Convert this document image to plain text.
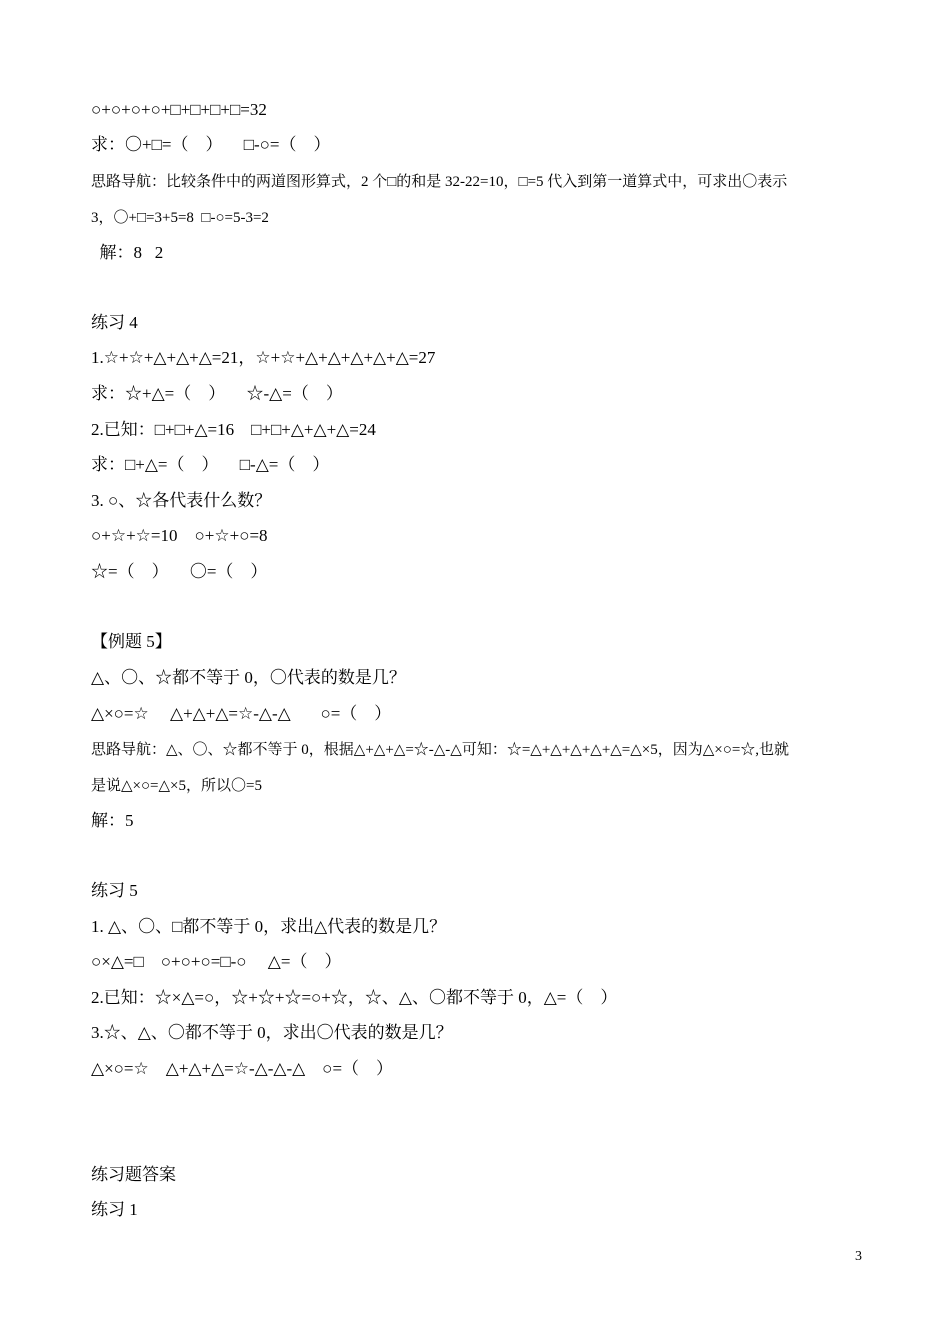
○+○+○+○+□+□+□+□=32
求：〇+□=（    ）     □-○=（    ）
思路导航：比较条件中的两道图形算式，2 个□的和是 32-22=10，□=5 代入到第一道算式中，可求出〇表示
3，〇+□=3+5=8  □-○=5-3=2
解：8   2
练习 4
1.☆+☆+△+△+△=21，☆+☆+△+△+△+△+△=27
求：☆+△=（    ）     ☆-△=（    ）
2.已知：□+□+△=16    □+□+△+△+△=24
求：□+△=（    ）     □-△=（    ）
3. ○、☆各代表什么数？
○+☆+☆=10    ○+☆+○=8
☆=（    ）     〇=（    ）
【例题 5】
△、〇、☆都不等于 0，〇代表的数是几？
△×○=☆     △+△+△=☆-△-△       ○=（    ）
思路导航：△、〇、☆都不等于 0，根据△+△+△=☆-△-△可知：☆=△+△+△+△+△=△×5，因为△×○=☆,也就
是说△×○=△×5，所以〇=5
解：5
练习 5
1. △、〇、□都不等于 0，求出△代表的数是几？
○×△=□    ○+○+○=□-○     △=（    ）
2.已知：☆×△=○，☆+☆+☆=○+☆，☆、△、〇都不等于 0，△=（    ）
3.☆、△、〇都不等于 0，求出〇代表的数是几？
△×○=☆    △+△+△=☆-△-△-△    ○=（    ）
练习题答案
练习 1
3
